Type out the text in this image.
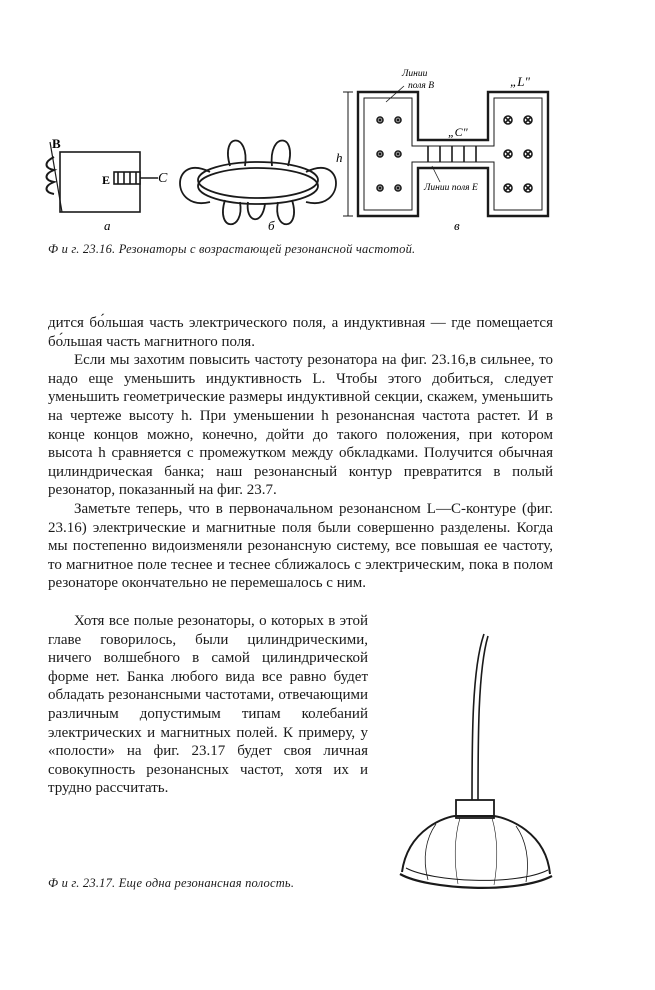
B
E	C
а	б
Линии
поля B
Линии поля E
„L"
„C"
h
в
Ф и г. 23.16. Резонаторы с возрастающей резонансной частотой.

дится бо́льшая часть электрического поля, а индуктивная — где помещается бо́льшая часть магнитного поля.

Если мы захотим повысить частоту резонатора на фиг. 23.16,в сильнее, то надо еще уменьшить индуктивность L. Чтобы этого добиться, следует уменьшить геометрические размеры индуктивной секции, скажем, уменьшить на чертеже высоту h. При уменьшении h резонансная частота растет. И в конце концов можно, конечно, дойти до такого положения, при котором высота h сравняется с промежутком между обкладками. Получится обычная цилиндрическая банка; наш резонансный контур превратится в полый резонатор, показанный на фиг. 23.7.

Заметьте теперь, что в первоначальном резонансном L—C-контуре (фиг. 23.16) электрические и магнитные поля были совершенно разделены. Когда мы постепенно видоизменяли резонансную систему, все повышая ее частоту, то магнитное поле теснее и теснее сближалось с электрическим, пока в полом резонаторе окончательно не перемешалось с ним.

Хотя все полые резонаторы, о которых в этой главе говорилось, были цилиндрическими, ничего волшебного в самой цилиндрической форме нет. Банка любого вида все равно будет обладать резонансными частотами, отвечающими различным допустимым типам колебаний электрических и магнитных полей. К примеру, у «полости» на фиг. 23.17 будет своя личная совокупность резонансных частот, хотя их и трудно рассчитать.

Ф и г. 23.17. Еще одна резонансная полость.
